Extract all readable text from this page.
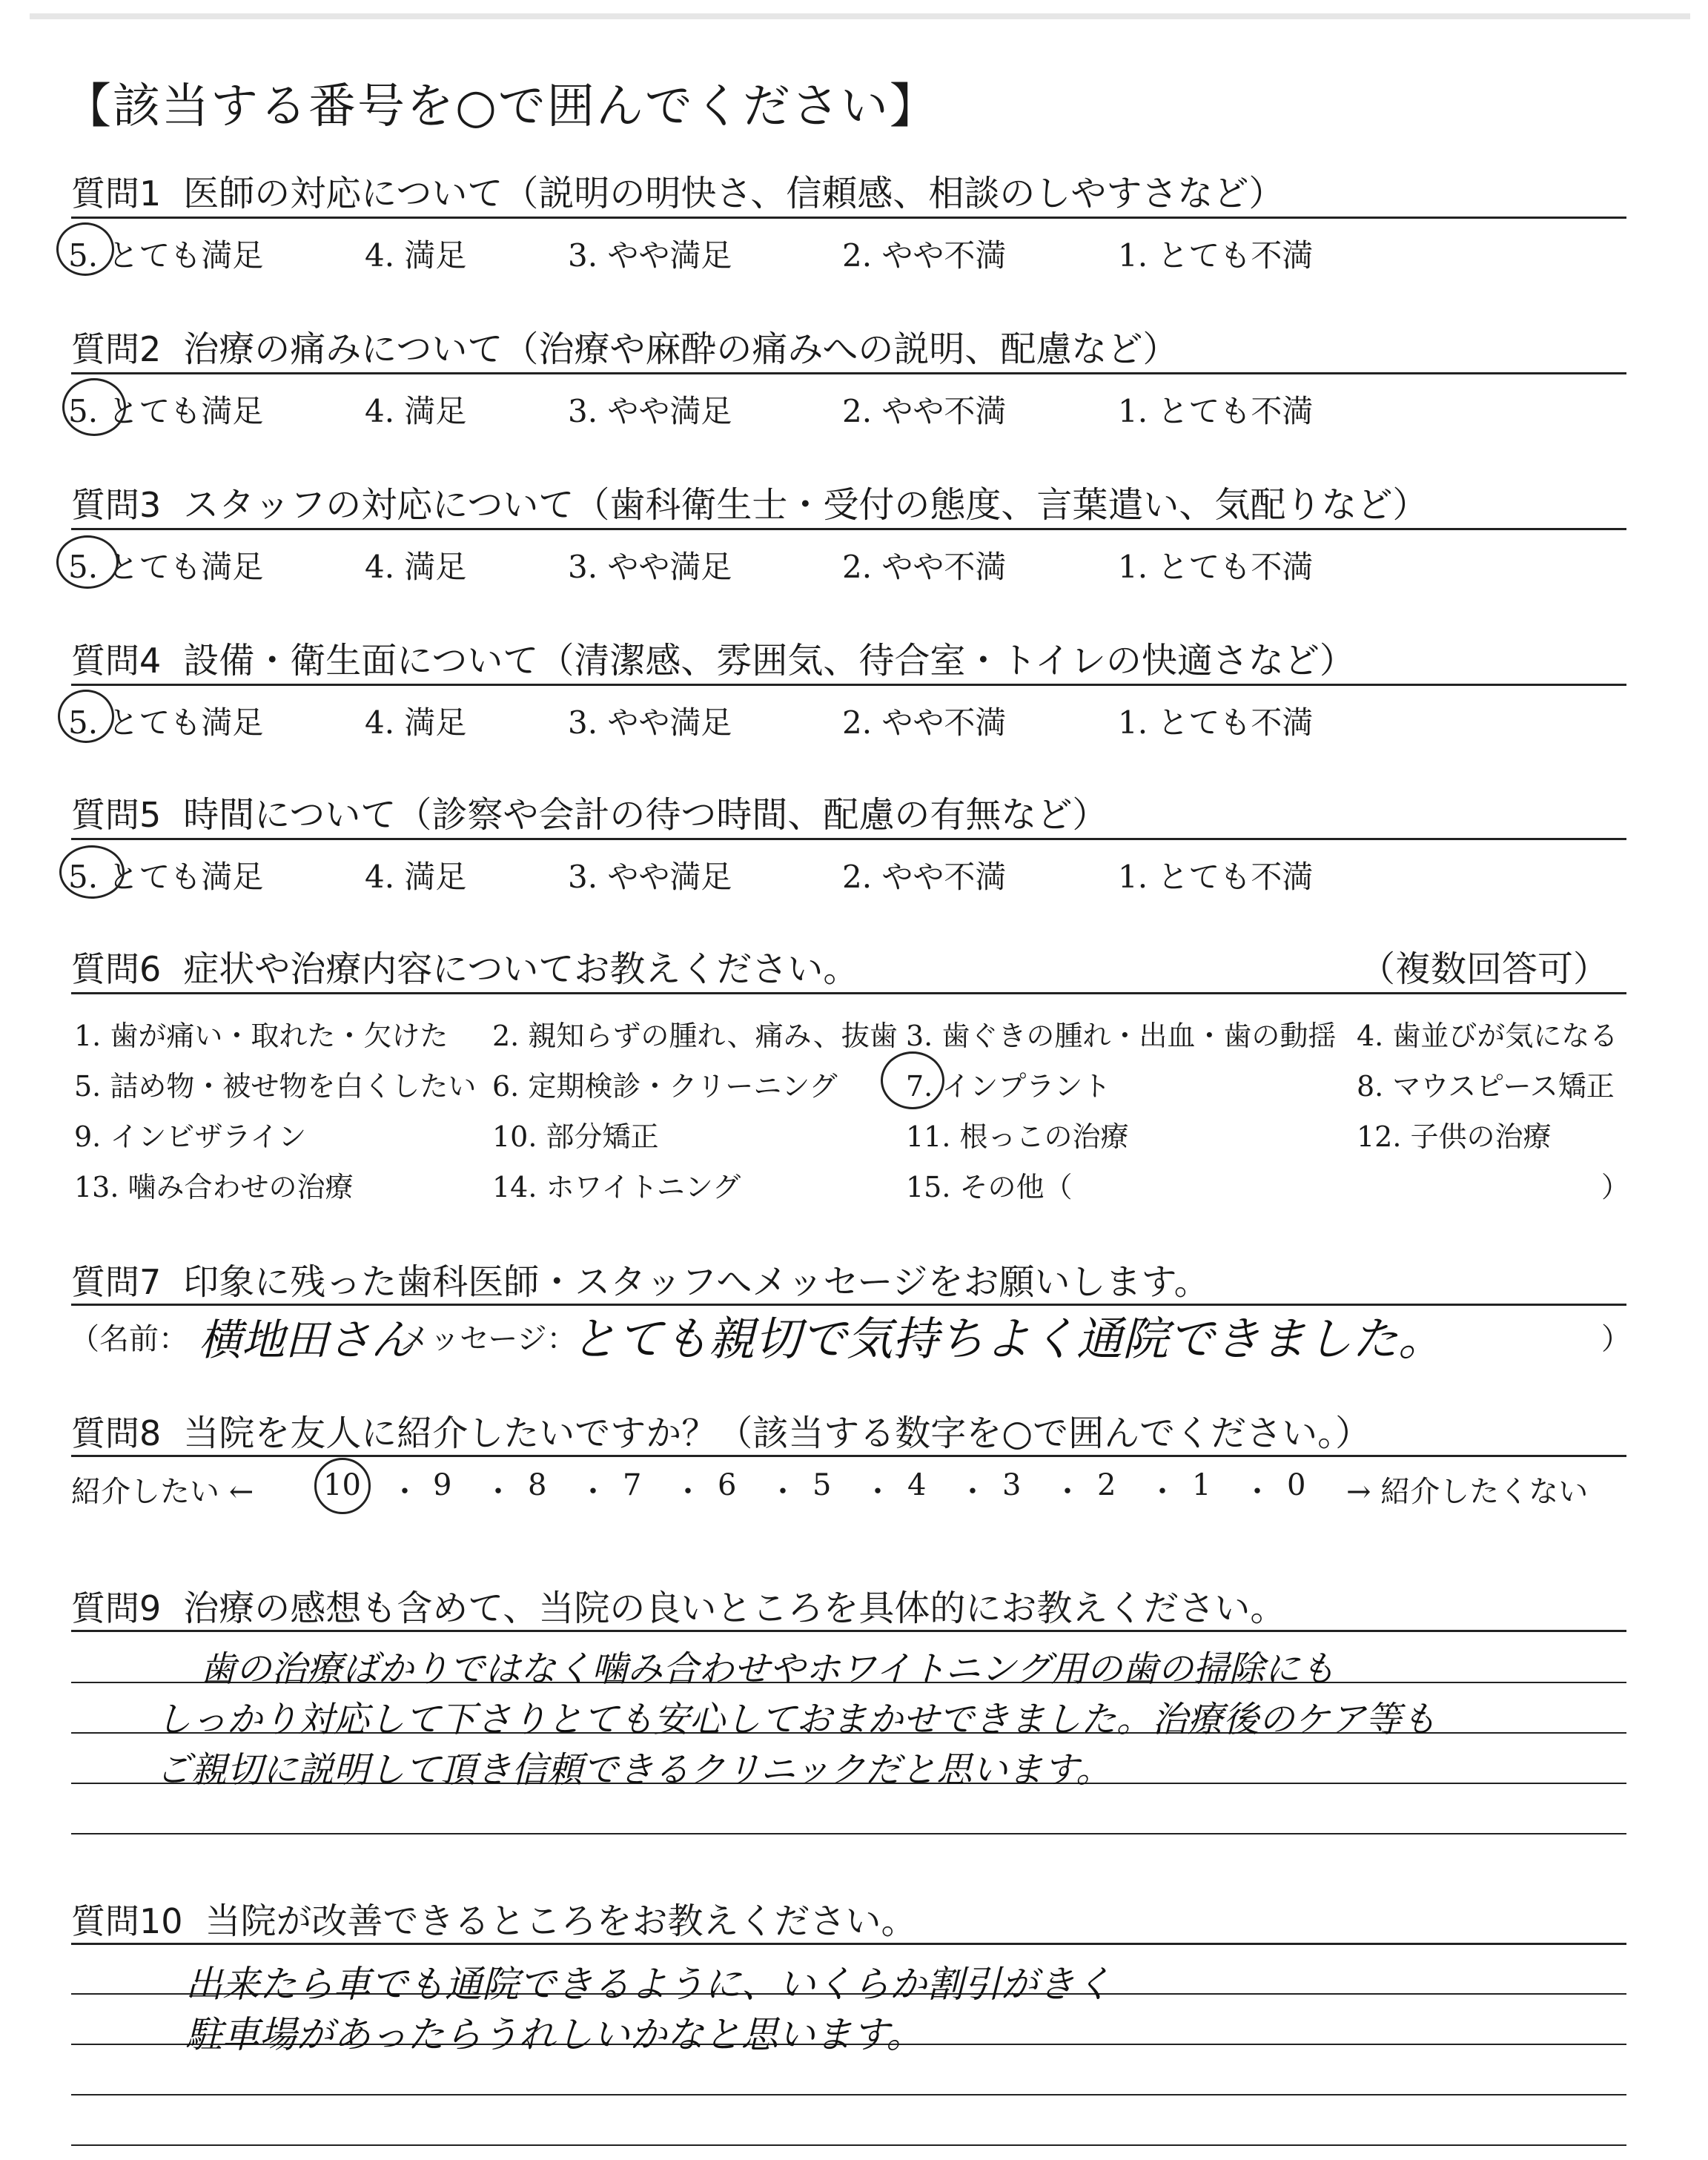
【該当する番号を○で囲んでください】
質問1 医師の対応について（説明の明快さ、信頼感、相談のしやすさなど）
5. とても満足	4. 満足	3. やや満足	2. やや不満	1. とても不満
質問2 治療の痛みについて（治療や麻酔の痛みへの説明、配慮など）
5. とても満足	4. 満足	3. やや満足	2. やや不満	1. とても不満
質問3 スタッフの対応について（歯科衛生士・受付の態度、言葉遣い、気配りなど）
5. とても満足	4. 満足	3. やや満足	2. やや不満	1. とても不満
質問4 設備・衛生面について（清潔感、雰囲気、待合室・トイレの快適さなど）
5. とても満足	4. 満足	3. やや満足	2. やや不満	1. とても不満
質問5 時間について（診察や会計の待つ時間、配慮の有無など）
5. とても満足	4. 満足	3. やや満足	2. やや不満	1. とても不満
質問6 症状や治療内容についてお教えください。	（複数回答可）
1. 歯が痛い・取れた・欠けた 2. 親知らずの腫れ、痛み、抜歯 3. 歯ぐきの腫れ・出血・歯の動揺 4. 歯並びが気になる
5. 詰め物・被せ物を白くしたい 6. 定期検診・クリーニング 7. インプラント	8. マウスピース矯正
9. インビザライン	10. 部分矯正	11. 根っこの治療	12. 子供の治療
13. 噛み合わせの治療	14. ホワイトニング	15. その他（	）
質問7 印象に残った歯科医師・スタッフへメッセージをお願いします。
（名前： 横地田さん
メッセージ：
とても親切で気持ちよく通院できました。	）
質問8 当院を友人に紹介したいですか？（該当する数字を○で囲んでください。）
紹介したい ← 10 ・ 9 ・ 8 ・ 7 ・ 6 ・ 5 ・ 4 ・ 3 ・ 2 ・ 1 ・ 0 → 紹介したくない
質問9 治療の感想も含めて、当院の良いところを具体的にお教えください。
歯の治療ばかりではなく噛み合わせやホワイトニング用の歯の掃除にも
しっかり対応して下さりとても安心しておまかせできました。治療後のケア等も
ご親切に説明して頂き信頼できるクリニックだと思います。
質問10 当院が改善できるところをお教えください。
出来たら車でも通院できるように、いくらか割引がきく
駐車場があったらうれしいかなと思います。
